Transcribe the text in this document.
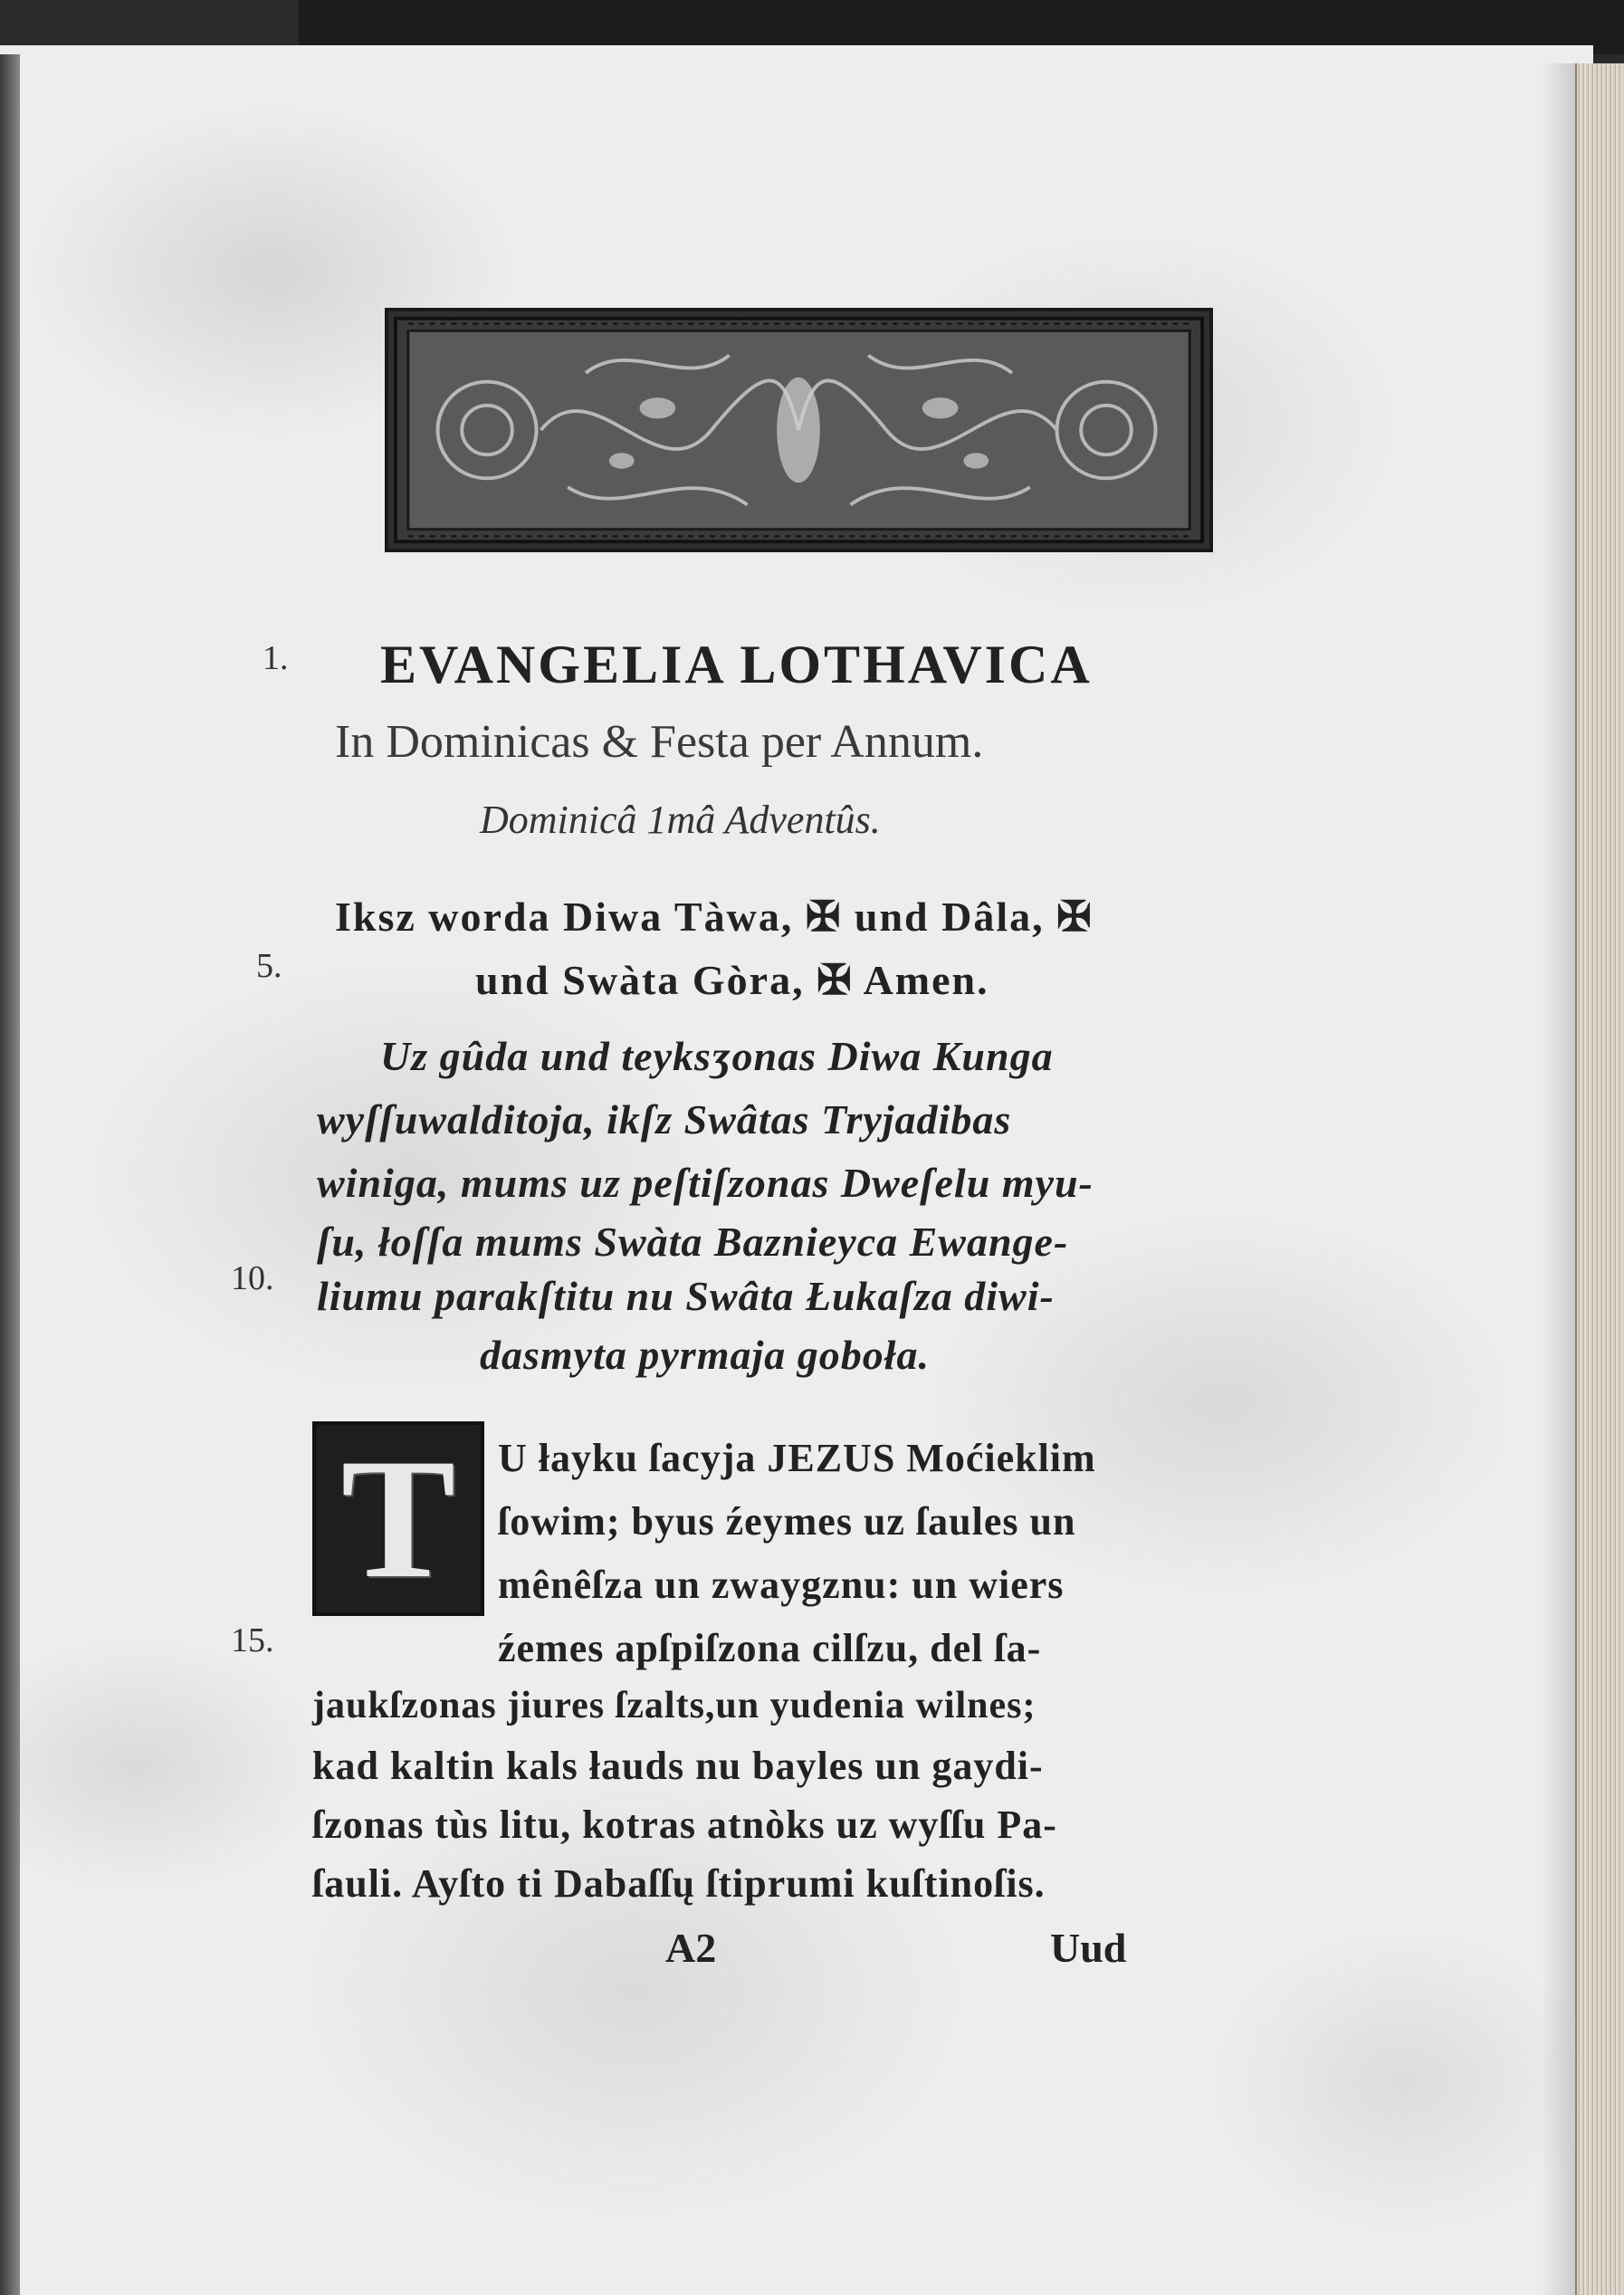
1.
5.
10.
15.
EVANGELIA LOTHAVICA
In Dominicas & Festa per Annum.
Dominicâ 1mâ Adventûs.
Iksz worda Diwa Tàwa, ✠ und Dâla, ✠
und Swàta Gòra, ✠ Amen.
Uz gûda und teyksʒonas Diwa Kunga
wyſſuwalditoja, ikſz Swâtas Tryjadibas
winiga, mums uz peſtiſzonas Dweſelu myu-
ſu, łoſſa mums Swàta Baznieyca Ewange-
liumu parakſtitu nu Swâta Łukaſza diwi-
dasmyta pyrmaja goboła.
T U łayku ſacyja JEZUS Moćieklim
ſowim; byus źeymes uz ſaules un
mênêſza un zwaygznu: un wiers
źemes apſpiſzona cilſzu, del ſa-
jaukſzonas jiures ſzalts,un yudenia wilnes;
kad kaltin kals łauds nu bayles un gaydi-
ſzonas tùs litu, kotras atnòks uz wyſſu Pa-
ſauli. Ayſto ti Dabaſſų ſtiprumi kuſtinoſis.
A2	Uud
